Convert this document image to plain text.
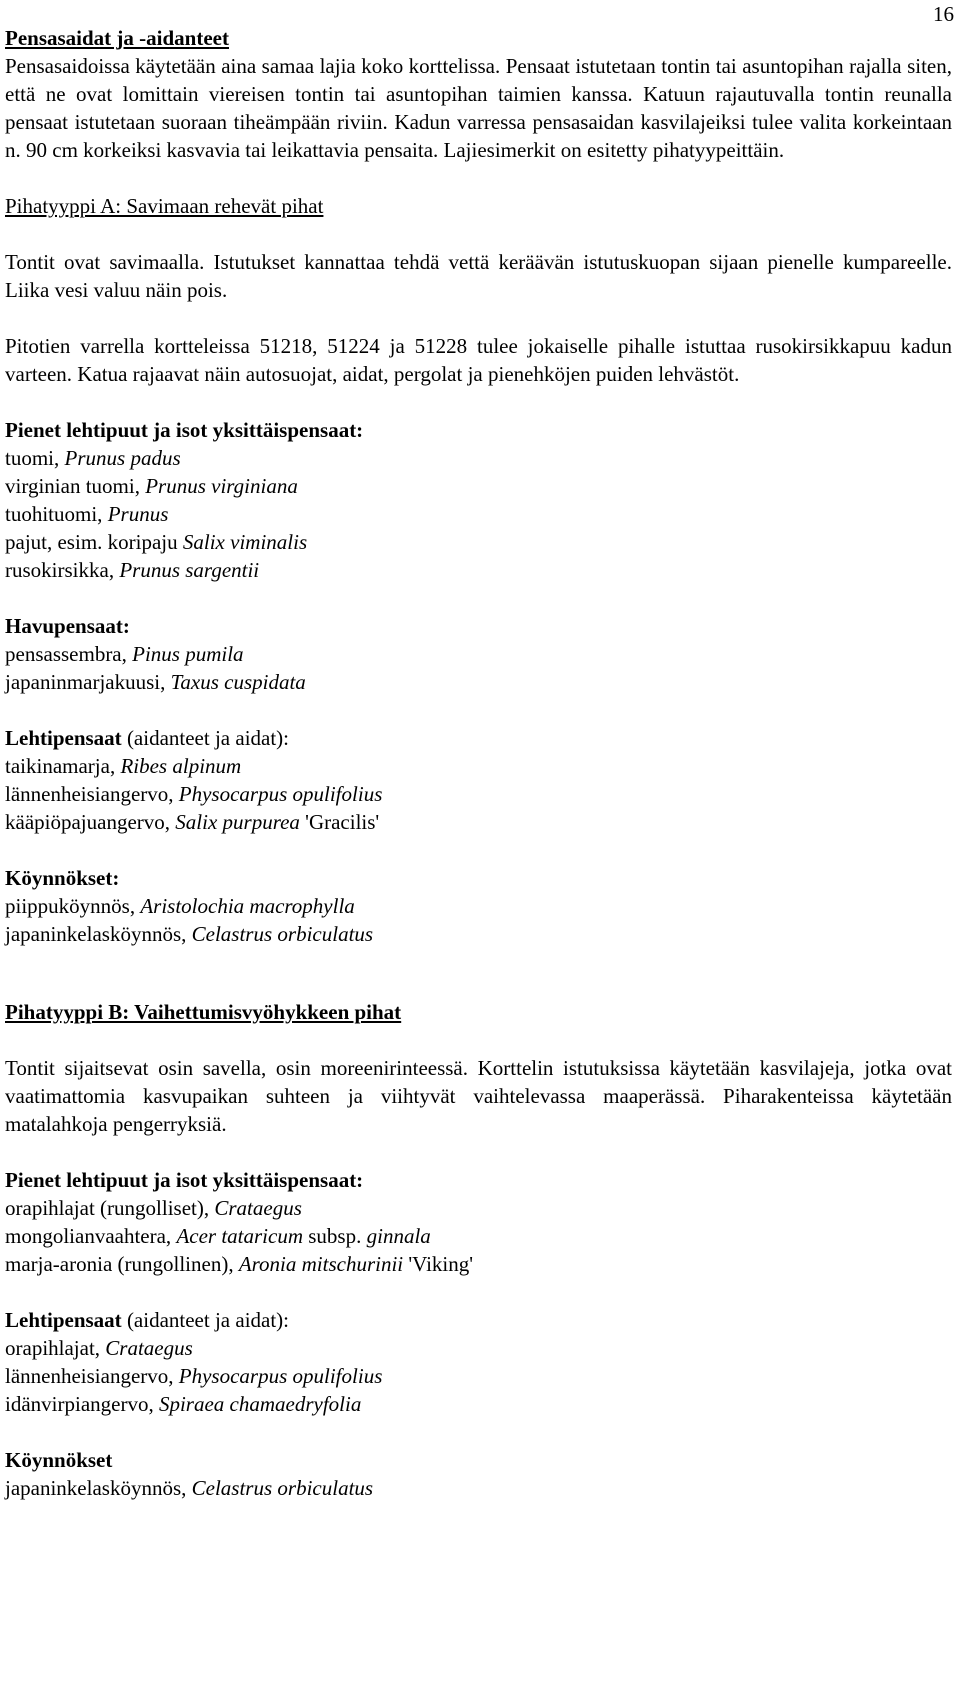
16

Pensasaidat ja -aidanteet

Pensasaidoissa käytetään aina samaa lajia koko korttelissa. Pensaat istutetaan tontin tai asuntopihan rajalla siten, että ne ovat lomittain viereisen tontin tai asuntopihan taimien kanssa. Katuun rajautuvalla tontin reunalla pensaat istutetaan suoraan tiheämpään riviin. Kadun varressa pensasaidan kasvilajeiksi tulee valita korkeintaan n. 90 cm korkeiksi kasvavia tai leikattavia pensaita. Lajiesimerkit on esitetty pihatyypeittäin.

Pihatyyppi A: Savimaan rehevät pihat

Tontit ovat savimaalla. Istutukset kannattaa tehdä vettä keräävän istutuskuopan sijaan pienelle kumpareelle. Liika vesi valuu näin pois.

Pitotien varrella kortteleissa 51218, 51224 ja 51228 tulee jokaiselle pihalle istuttaa rusokirsikkapuu kadun varteen. Katua rajaavat näin autosuojat, aidat, pergolat ja pienehköjen puiden lehvästöt.

Pienet lehtipuut ja isot yksittäispensaat:

tuomi, Prunus padus
virginian tuomi, Prunus virginiana
tuohituomi, Prunus
pajut, esim. koripaju Salix viminalis
rusokirsikka, Prunus sargentii

Havupensaat:

pensassembra, Pinus pumila
japaninmarjakuusi, Taxus cuspidata

Lehtipensaat (aidanteet ja aidat):

taikinamarja, Ribes alpinum
lännenheisiangervo, Physocarpus opulifolius
kääpiöpajuangervo, Salix purpurea 'Gracilis'

Köynnökset:

piippuköynnös, Aristolochia macrophylla
japaninkelasköynnös, Celastrus orbiculatus

Pihatyyppi B: Vaihettumisvyöhykkeen pihat

Tontit sijaitsevat osin savella, osin moreenirinteessä. Korttelin istutuksissa käytetään kasvilajeja, jotka ovat vaatimattomia kasvupaikan suhteen ja viihtyvät vaihtelevassa maaperässä. Piharakenteissa käytetään matalahkoja pengerryksiä.

Pienet lehtipuut ja isot yksittäispensaat:

orapihlajat (rungolliset), Crataegus
mongolianvaahtera, Acer tataricum subsp. ginnala
marja-aronia (rungollinen), Aronia mitschurinii 'Viking'

Lehtipensaat (aidanteet ja aidat):

orapihlajat, Crataegus
lännenheisiangervo, Physocarpus opulifolius
idänvirpiangervo, Spiraea chamaedryfolia

Köynnökset

japaninkelasköynnös, Celastrus orbiculatus
